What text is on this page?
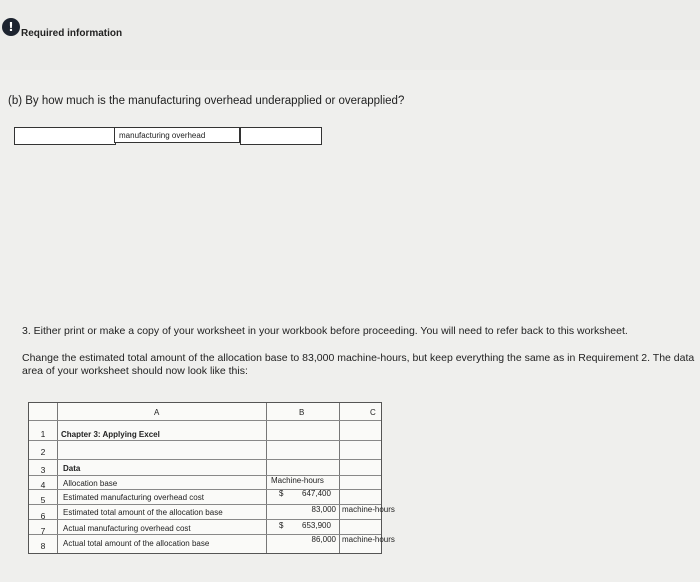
! Required information
(b) By how much is the manufacturing overhead underapplied or overapplied?
manufacturing overhead
3. Either print or make a copy of your worksheet in your workbook before proceeding. You will need to refer back to this worksheet.
Change the estimated total amount of the allocation base to 83,000 machine-hours, but keep everything the same as in Requirement 2. The data area of your worksheet should now look like this:
A	B	C
1
2
3
4
5
6
7
8
Chapter 3: Applying Excel
Data
Allocation base
Estimated manufacturing overhead cost
Estimated total amount of the allocation base
Actual manufacturing overhead cost
Actual total amount of the allocation base
Machine-hours
$ 647,400
83,000
$ 653,900
86,000
machine-hours
machine-hours
